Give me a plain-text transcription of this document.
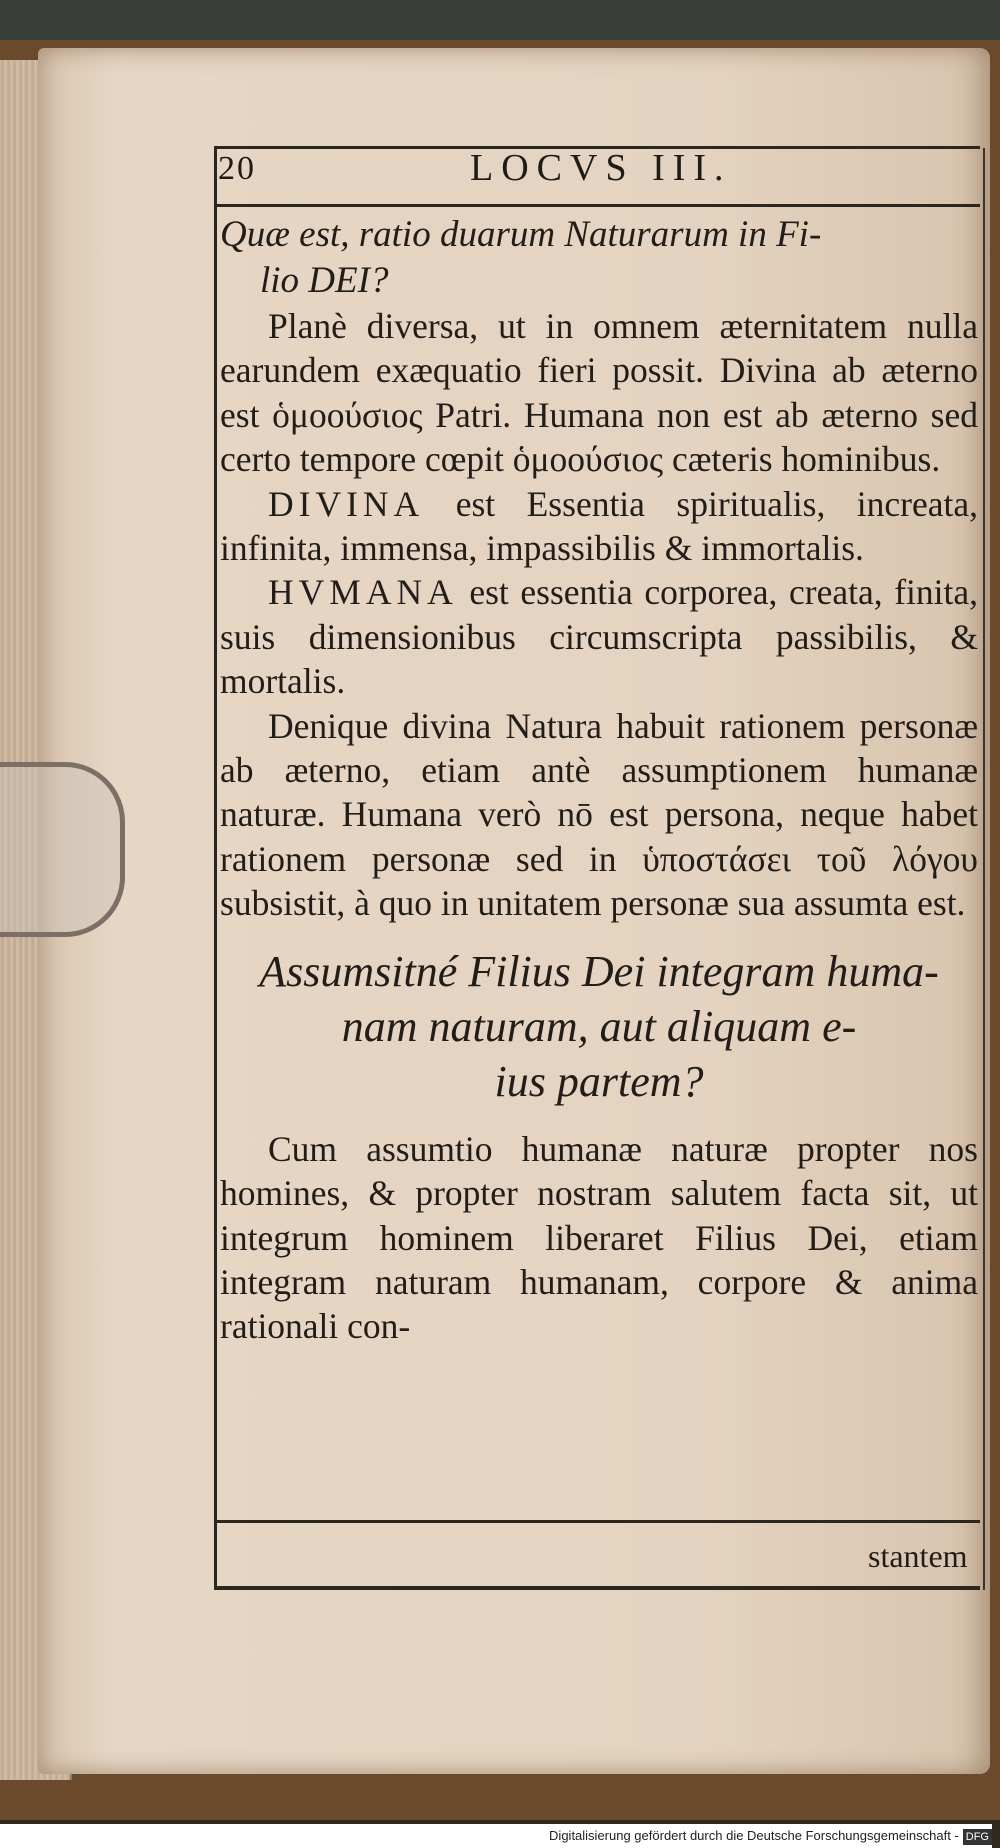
20	LOCVS III.

Quæ est, ratio duarum Naturarum in Fi-
lio DEI?

Planè diversa, ut in omnem æternitatem nulla earundem exæquatio fieri possit. Divina ab æterno est ὁμοούσιος Patri. Humana non est ab æterno sed certo tempore cœpit ὁμοούσιος cæteris hominibus.

DIVINA est Essentia spiritualis, increata, infinita, immensa, impassibilis & immortalis.

HVMANA est essentia corporea, creata, finita, suis dimensionibus circumscripta passibilis, & mortalis.

Denique divina Natura habuit rationem personæ ab æterno, etiam antè assumptionem humanæ naturæ. Humana verò nō est persona, neque habet rationem personæ sed in ὑποστάσει τοῦ λόγου subsistit, à quo in unitatem personæ sua assumta est.

Assumsitné Filius Dei integram huma-
nam naturam, aut aliquam e-
ius partem?

Cum assumtio humanæ naturæ propter nos homines, & propter nostram salutem facta sit, ut integrum hominem liberaret Filius Dei, etiam integram naturam humanam, corpore & anima rationali con-

stantem
Digitalisierung gefördert durch die Deutsche Forschungsgemeinschaft - DFG
